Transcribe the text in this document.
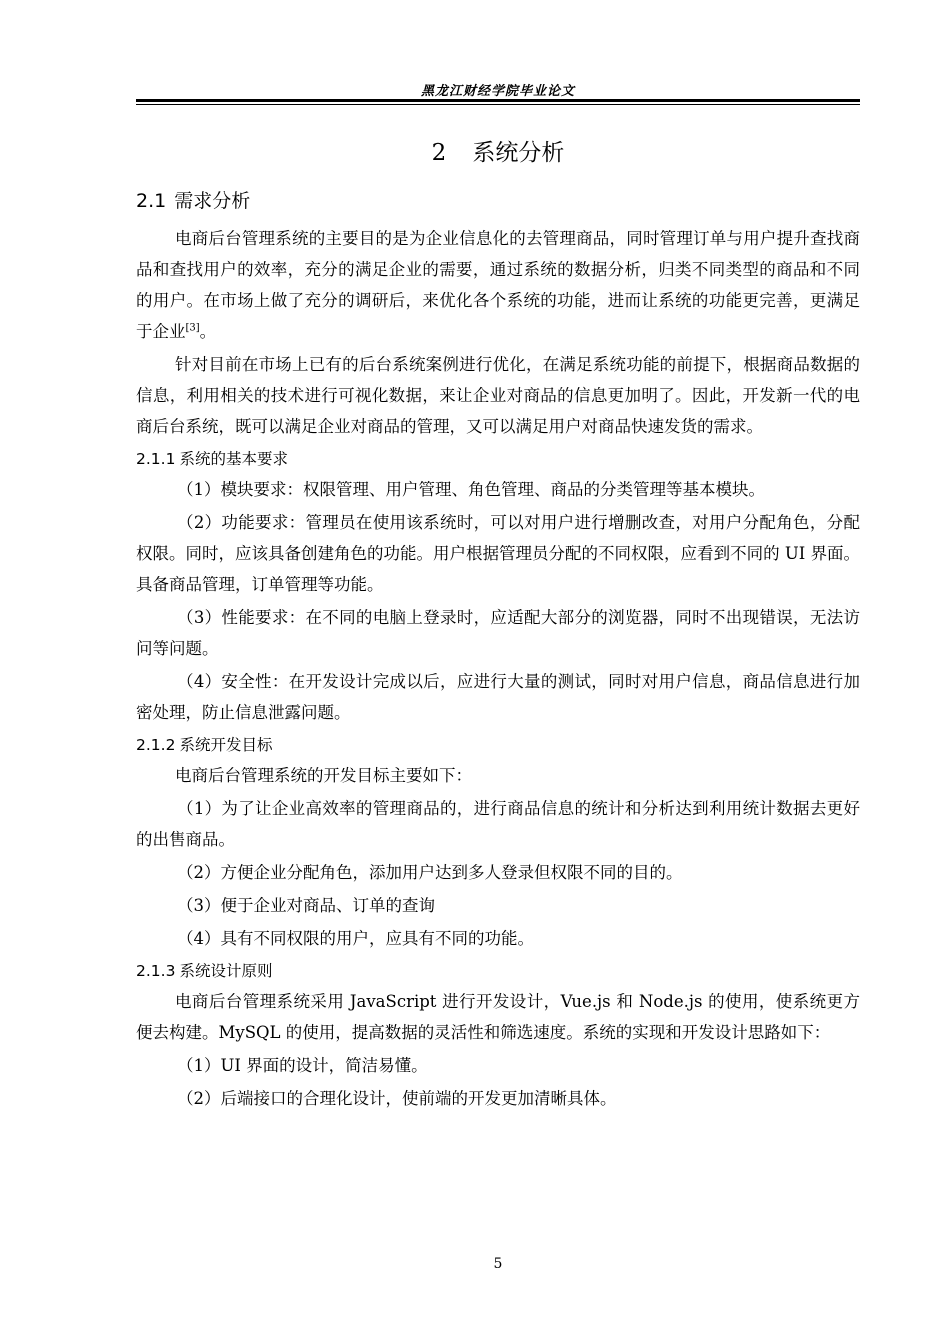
黑龙江财经学院毕业论文
2 系统分析
2.1 需求分析

电商后台管理系统的主要目的是为企业信息化的去管理商品，同时管理订单与用户提升查找商品和查找用户的效率，充分的满足企业的需要，通过系统的数据分析，归类不同类型的商品和不同的用户。在市场上做了充分的调研后，来优化各个系统的功能，进而让系统的功能更完善，更满足于企业[3]。

针对目前在市场上已有的后台系统案例进行优化，在满足系统功能的前提下，根据商品数据的信息，利用相关的技术进行可视化数据，来让企业对商品的信息更加明了。因此，开发新一代的电商后台系统，既可以满足企业对商品的管理，又可以满足用户对商品快速发货的需求。

2.1.1 系统的基本要求

（1）模块要求：权限管理、用户管理、角色管理、商品的分类管理等基本模块。

（2）功能要求：管理员在使用该系统时，可以对用户进行增删改查，对用户分配角色，分配权限。同时，应该具备创建角色的功能。用户根据管理员分配的不同权限，应看到不同的 UI 界面。具备商品管理，订单管理等功能。

（3）性能要求：在不同的电脑上登录时，应适配大部分的浏览器，同时不出现错误，无法访问等问题。

（4）安全性：在开发设计完成以后，应进行大量的测试，同时对用户信息，商品信息进行加密处理，防止信息泄露问题。

2.1.2 系统开发目标

电商后台管理系统的开发目标主要如下：

（1）为了让企业高效率的管理商品的，进行商品信息的统计和分析达到利用统计数据去更好的出售商品。

（2）方便企业分配角色，添加用户达到多人登录但权限不同的目的。

（3）便于企业对商品、订单的查询

（4）具有不同权限的用户，应具有不同的功能。

2.1.3 系统设计原则

电商后台管理系统采用 JavaScript 进行开发设计，Vue.js 和 Node.js 的使用，使系统更方便去构建。MySQL 的使用，提高数据的灵活性和筛选速度。系统的实现和开发设计思路如下：

（1）UI 界面的设计，简洁易懂。

（2）后端接口的合理化设计，使前端的开发更加清晰具体。

5
